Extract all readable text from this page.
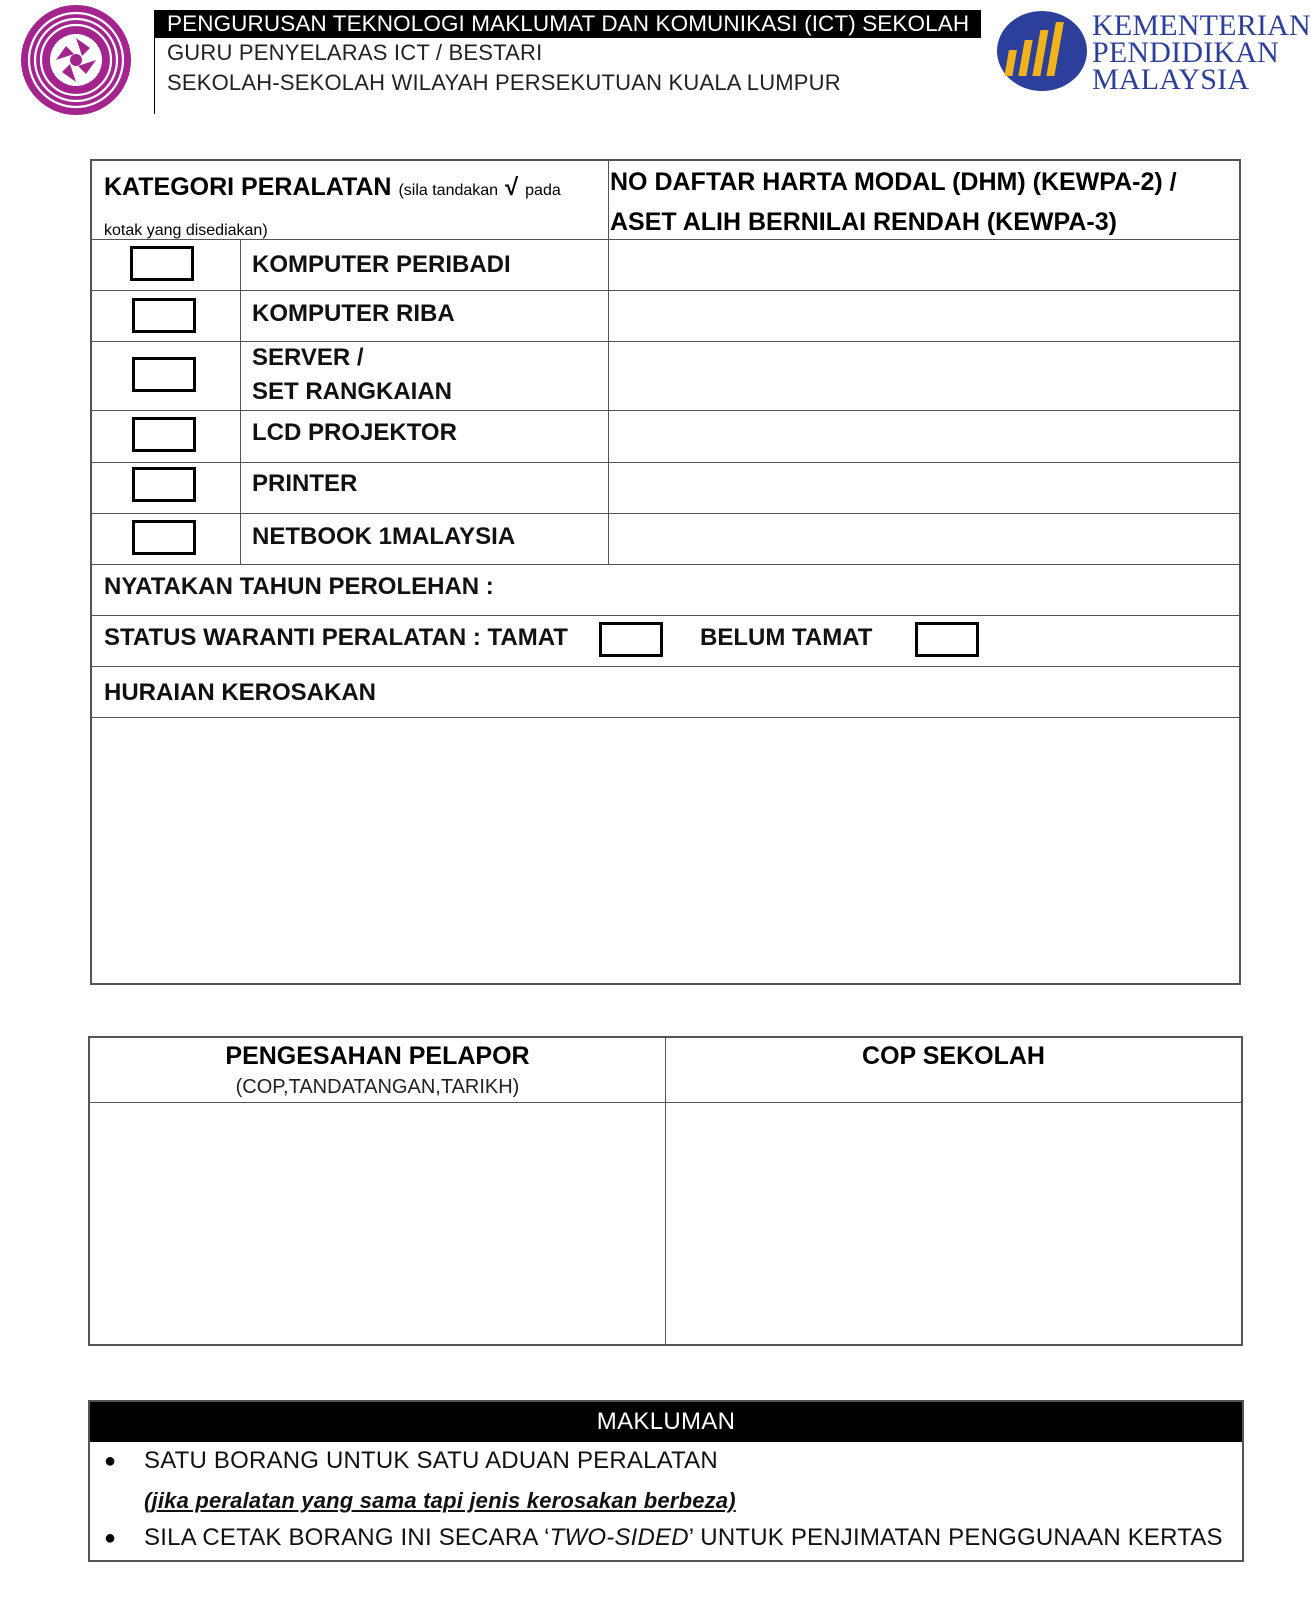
PENGURUSAN TEKNOLOGI MAKLUMAT DAN KOMUNIKASI (ICT) SEKOLAH
GURU PENYELARAS ICT / BESTARI
SEKOLAH-SEKOLAH WILAYAH PERSEKUTUAN KUALA LUMPUR
KEMENTERIAN
PENDIDIKAN
MALAYSIA
KATEGORI PERALATAN (sila tandakan √ pada kotak yang disediakan)
NO DAFTAR HARTA MODAL (DHM) (KEWPA-2) /
ASET ALIH BERNILAI RENDAH (KEWPA-3)
KOMPUTER PERIBADI
KOMPUTER RIBA
SERVER /
SET RANGKAIAN
LCD PROJEKTOR
PRINTER
NETBOOK 1MALAYSIA
NYATAKAN TAHUN PEROLEHAN :
STATUS WARANTI PERALATAN : TAMAT	BELUM TAMAT
HURAIAN KEROSAKAN
PENGESAHAN PELAPOR
(COP,TANDATANGAN,TARIKH)
COP SEKOLAH
MAKLUMAN
● SATU BORANG UNTUK SATU ADUAN PERALATAN
(jika peralatan yang sama tapi jenis kerosakan berbeza)
● SILA CETAK BORANG INI SECARA ‘TWO-SIDED’ UNTUK PENJIMATAN PENGGUNAAN KERTAS
